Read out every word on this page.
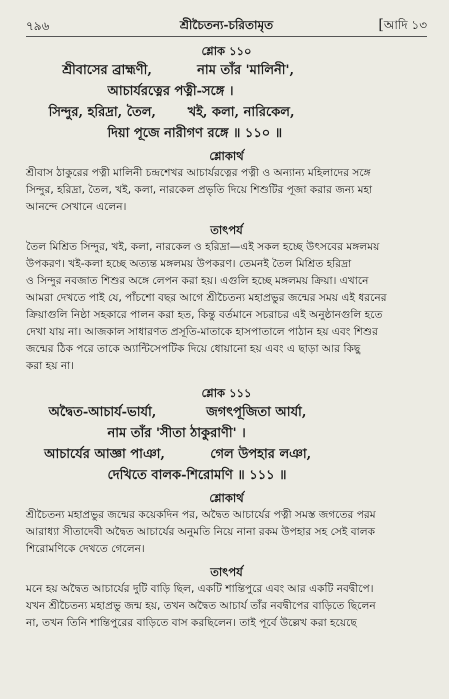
৭৯৬	শ্রীচৈতন্য-চরিতামৃত	[আদি ১৩

শ্লোক ১১০

শ্রীবাসের ব্রাহ্মণী,          নাম তাঁর 'মালিনী',

আচার্যরত্নের পত্নী-সঙ্গে ।

সিন্দুর, হরিদ্রা, তৈল,       খই, কলা, নারিকেল,

দিয়া পূজে নারীগণ রঙ্গে ॥ ১১০ ॥

শ্লোকার্থ

শ্রীবাস ঠাকুরের পত্নী মালিনী চন্দ্রশেখর আচার্যরত্নের পত্নী ও অন্যান্য মহিলাদের সঙ্গে

সিন্দুর, হরিদ্রা, তৈল, খই, কলা, নারকেল প্রভৃতি দিয়ে শিশুটির পূজা করার জন্য মহা

আনন্দে সেখানে এলেন।

তাৎপর্য

তৈল মিশ্রিত সিন্দুর, খই, কলা, নারকেল ও হরিদ্রা—এই সকল হচ্ছে উৎসবের মঙ্গলময়

উপকরণ। খই-কলা হচ্ছে অত্যন্ত মঙ্গলময় উপকরণ। তেমনই তৈল মিশ্রিত হরিদ্রা

ও সিন্দুর নবজাত শিশুর অঙ্গে লেপন করা হয়। এগুলি হচ্ছে মঙ্গলময় ক্রিয়া। এখানে

আমরা দেখতে পাই যে, পাঁচশো বছর আগে শ্রীচৈতন্য মহাপ্রভুর জন্মের সময় এই ধরনের

ক্রিয়াগুলি নিষ্ঠা সহকারে পালন করা হত, কিন্তু বর্তমানে সচরাচর এই অনুষ্ঠানগুলি হতে

দেখা যায় না। আজকাল সাধারণত প্রসূতি-মাতাকে হাসপাতালে পাঠান হয় এবং শিশুর

জন্মের ঠিক পরে তাকে অ্যান্টিসেপটিক দিয়ে ধোয়ানো হয় এবং এ ছাড়া আর কিছু

করা হয় না।

শ্লোক ১১১

অদ্বৈত-আচার্য-ভার্যা,           জগৎপূজিতা আর্যা,

নাম তাঁর 'সীতা ঠাকুরাণী' ।

আচার্যের আজ্ঞা পাঞা,          গেল উপহার লঞা,

দেখিতে বালক-শিরোমণি ॥ ১১১ ॥

শ্লোকার্থ

শ্রীচৈতন্য মহাপ্রভুর জন্মের কয়েকদিন পর, অদ্বৈত আচার্যের পত্নী সমস্ত জগতের পরম

আরাধ্যা সীতাদেবী অদ্বৈত আচার্যের অনুমতি নিয়ে নানা রকম উপহার সহ সেই বালক

শিরোমণিকে দেখতে গেলেন।

তাৎপর্য

মনে হয় অদ্বৈত আচার্যের দুটি বাড়ি ছিল, একটি শান্তিপুরে এবং আর একটি নবদ্বীপে।

যখন শ্রীচৈতন্য মহাপ্রভু জন্ম হয়, তখন অদ্বৈত আচার্য তাঁর নবদ্বীপের বাড়িতে ছিলেন

না, তখন তিনি শান্তিপুরের বাড়িতে বাস করছিলেন। তাই পূর্বে উল্লেখ করা হয়েছে
